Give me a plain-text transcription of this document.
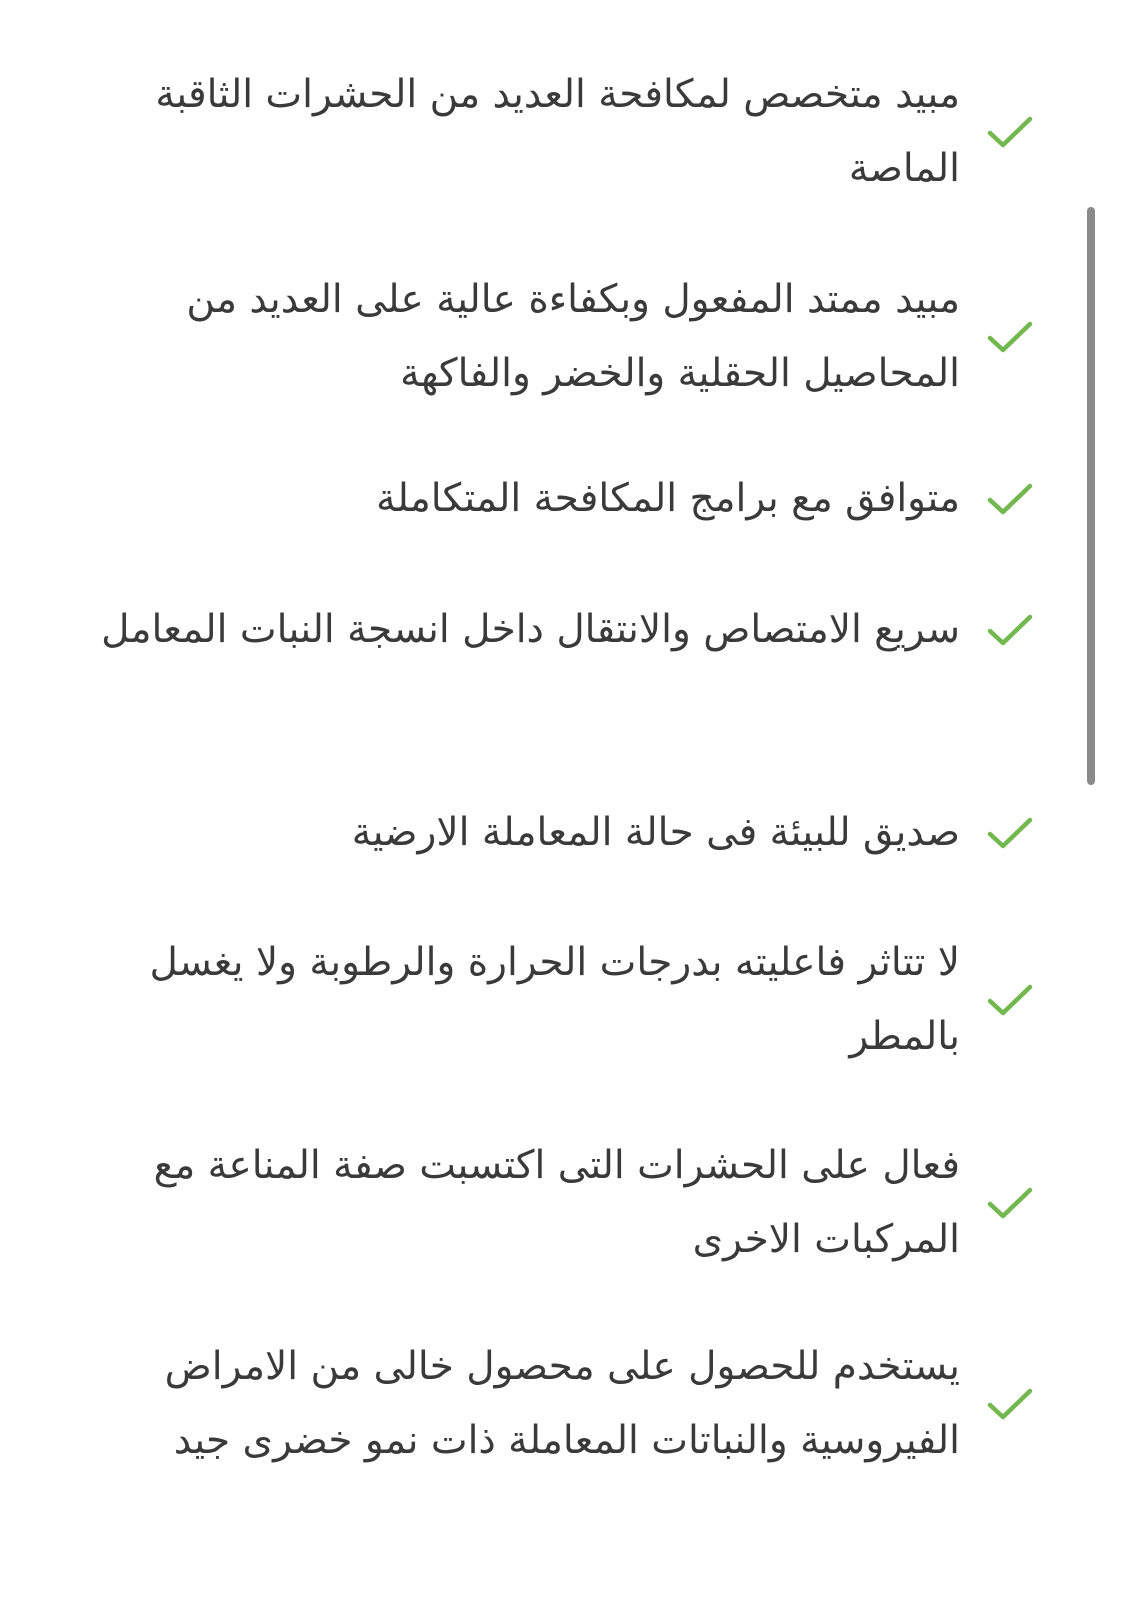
مبيد متخصص لمكافحة العديد من الحشرات الثاقبة الماصة
مبيد ممتد المفعول وبكفاءة عالية على العديد من المحاصيل الحقلية والخضر والفاكهة
متوافق مع برامج المكافحة المتكاملة
سريع الامتصاص والانتقال داخل انسجة النبات المعامل
صديق للبيئة فى حالة المعاملة الارضية
لا تتاثر فاعليته بدرجات الحرارة والرطوبة ولا يغسل بالمطر
فعال على الحشرات التى اكتسبت صفة المناعة مع المركبات الاخرى
يستخدم للحصول على محصول خالى من الامراض الفيروسية والنباتات المعاملة ذات نمو خضرى جيد
